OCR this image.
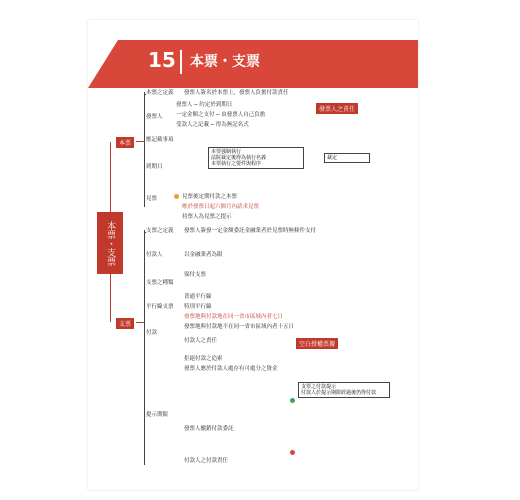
15 本票・支票
本票・支票
本票
本票之定義
發票人
應記載事項
到期日
見票
發票人簽名於本票上，發票人負擔付款責任
發票人 ─ 約定於到期日
一定金額之支付 ─ 由發票人自己負擔
受款人之記載 ─ 得為無記名式
發票人之責任
本票強制執行
法院裁定後得為執行名義
本票執行之要件與程序
裁定
見票後定期付款之本票
應於發票日起六個月內請求見票
持票人為見票之提示
支票
支票之定義
付款人
支票之種類
平行線支票
付款
提示期限
發票人簽發一定金額委託金融業者於見票時無條件支付
以金融業者為限
保付支票
普通平行線
特別平行線
發票地與付款地在同一省市區域內者七日
發票地與付款地不在同一省市區域內者十五日
付款人之責任	空白授權票據
拒絕付款之追索
發票人應於付款人處存有可處分之資金
支票之付款提示
付款人於提示期限經過後仍得付款
發票人撤銷付款委託
付款人之付款責任
